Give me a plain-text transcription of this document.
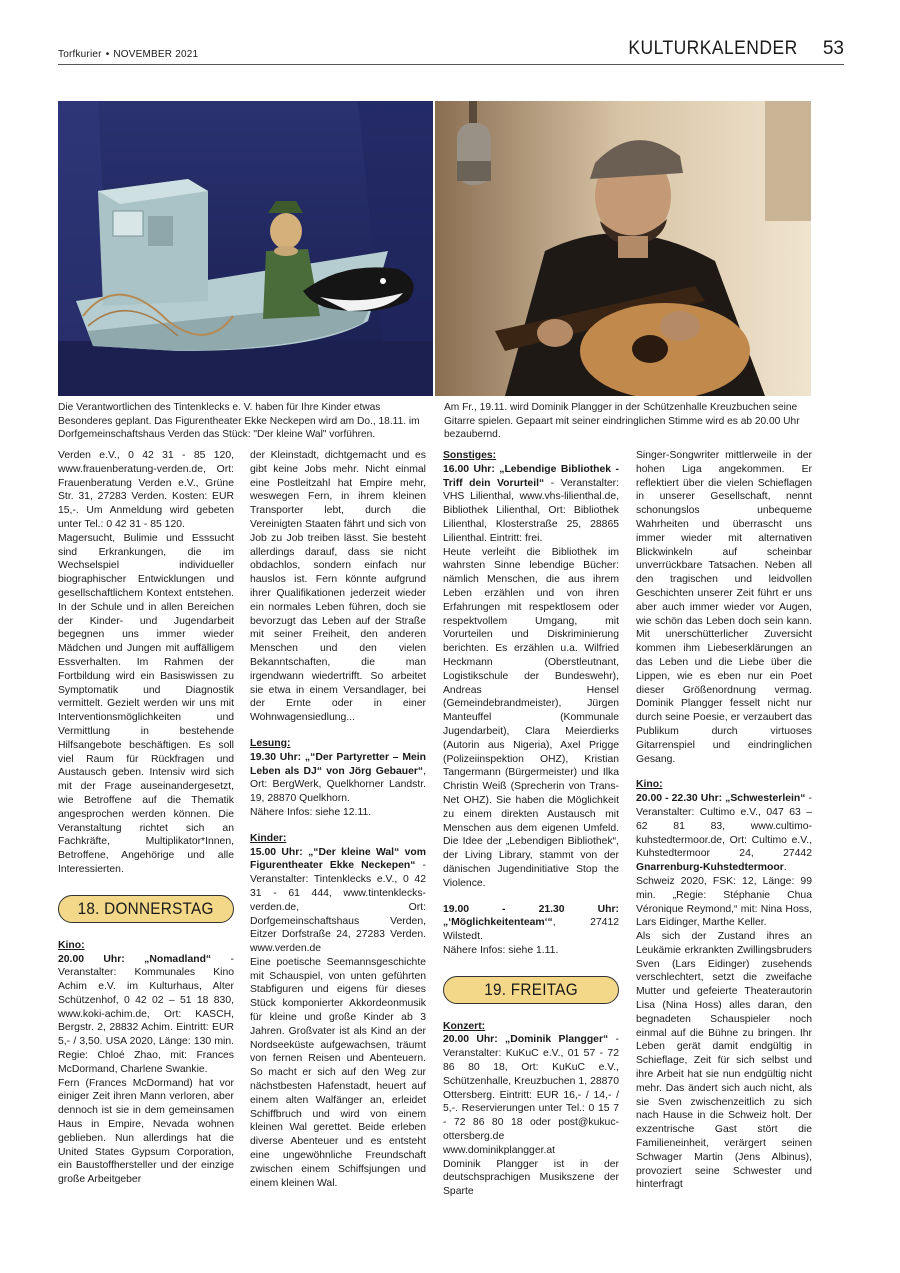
Torfkurier • NOVEMBER 2021	KULTURKALENDER 53
Die Verantwortlichen des Tintenklecks e. V. haben für Ihre Kinder etwas Besonderes geplant. Das Figurentheater Ekke Neckepen wird am Do., 18.11. im Dorfgemeinschaftshaus Verden das Stück: "Der kleine Wal" vorführen.
Am Fr., 19.11. wird Dominik Plangger in der Schützenhalle Kreuzbuchen seine Gitarre spielen. Gepaart mit seiner eindringlichen Stimme wird es ab 20.00 Uhr bezaubernd.

Verden e.V., 0 42 31 - 85 120, www.frauenberatung-verden.de, Ort: Frauenberatung Verden e.V., Grüne Str. 31, 27283 Verden. Kosten: EUR 15,-. Um Anmeldung wird gebeten unter Tel.: 0 42 31 - 85 120.

Magersucht, Bulimie und Esssucht sind Erkrankungen, die im Wechselspiel individueller biographischer Entwicklungen und gesellschaftlichem Kontext entstehen. In der Schule und in allen Bereichen der Kinder- und Jugendarbeit begegnen uns immer wieder Mädchen und Jungen mit auffälligem Essverhalten. Im Rahmen der Fortbildung wird ein Basiswissen zu Symptomatik und Diagnostik vermittelt. Gezielt werden wir uns mit Interventionsmöglichkeiten und Vermittlung in bestehende Hilfsangebote beschäftigen. Es soll viel Raum für Rückfragen und Austausch geben. Intensiv wird sich mit der Frage auseinandergesetzt, wie Betroffene auf die Thematik angesprochen werden können. Die Veranstaltung richtet sich an Fachkräfte, Multiplikator*Innen, Betroffene, Angehörige und alle Interessierten.

18. DONNERSTAG

Kino:

20.00 Uhr: „Nomadland“ - Veranstalter: Kommunales Kino Achim e.V. im Kulturhaus, Alter Schützenhof, 0 42 02 – 51 18 830, www.koki-achim.de, Ort: KASCH, Bergstr. 2, 28832 Achim. Eintritt: EUR 5,- / 3,50. USA 2020, Länge: 130 min. Regie: Chloé Zhao, mit: Frances McDormand, Charlene Swankie.

Fern (Frances McDormand) hat vor einiger Zeit ihren Mann verloren, aber dennoch ist sie in dem gemeinsamen Haus in Empire, Nevada wohnen geblieben. Nun allerdings hat die United States Gypsum Corporation, ein Baustoffhersteller und der einzige große Arbeitgeber

der Kleinstadt, dichtgemacht und es gibt keine Jobs mehr. Nicht einmal eine Postleitzahl hat Empire mehr, weswegen Fern, in ihrem kleinen Transporter lebt, durch die Vereinigten Staaten fährt und sich von Job zu Job treiben lässt. Sie besteht allerdings darauf, dass sie nicht obdachlos, sondern einfach nur hauslos ist. Fern könnte aufgrund ihrer Qualifikationen jederzeit wieder ein normales Leben führen, doch sie bevorzugt das Leben auf der Straße mit seiner Freiheit, den anderen Menschen und den vielen Bekanntschaften, die man irgendwann wiedertrifft. So arbeitet sie etwa in einem Versandlager, bei der Ernte oder in einer Wohnwagensiedlung...

Lesung:

19.30 Uhr: „“Der Partyretter – Mein Leben als DJ“ von Jörg Gebauer“, Ort: BergWerk, Quelkhorner Landstr. 19, 28870 Quelkhorn.

Nähere Infos: siehe 12.11.

Kinder:

15.00 Uhr: „“Der kleine Wal“ vom Figurentheater Ekke Neckepen“ - Veranstalter: Tintenklecks e.V., 0 42 31 - 61 444, www.tintenklecks-verden.de, Ort: Dorfgemeinschaftshaus Verden, Eitzer Dorfstraße 24, 27283 Verden. www.verden.de

Eine poetische Seemannsgeschichte mit Schauspiel, von unten geführten Stabfiguren und eigens für dieses Stück komponierter Akkordeonmusik für kleine und große Kinder ab 3 Jahren. Großvater ist als Kind an der Nordseeküste aufgewachsen, träumt von fernen Reisen und Abenteuern. So macht er sich auf den Weg zur nächstbesten Hafenstadt, heuert auf einem alten Walfänger an, erleidet Schiffbruch und wird von einem kleinen Wal gerettet. Beide erleben diverse Abenteuer und es entsteht eine ungewöhnliche Freundschaft zwischen einem Schiffsjungen und einem kleinen Wal.

Sonstiges:

16.00 Uhr: „Lebendige Bibliothek - Triff dein Vorurteil“ - Veranstalter: VHS Lilienthal, www.vhs-lilienthal.de, Bibliothek Lilienthal, Ort: Bibliothek Lilienthal, Klosterstraße 25, 28865 Lilienthal. Eintritt: frei.

Heute verleiht die Bibliothek im wahrsten Sinne lebendige Bücher: nämlich Menschen, die aus ihrem Leben erzählen und von ihren Erfahrungen mit respektlosem oder respektvollem Umgang, mit Vorurteilen und Diskriminierung berichten. Es erzählen u.a. Wilfried Heckmann (Oberstleutnant, Logistikschule der Bundeswehr), Andreas Hensel (Gemeindebrandmeister), Jürgen Manteuffel (Kommunale Jugendarbeit), Clara Meierdierks (Autorin aus Nigeria), Axel Prigge (Polizeiinspektion OHZ), Kristian Tangermann (Bürgermeister) und Ilka Christin Weiß (Sprecherin von Trans-Net OHZ). Sie haben die Möglichkeit zu einem direkten Austausch mit Menschen aus dem eigenen Umfeld. Die Idee der „Lebendigen Bibliothek“, der Living Library, stammt von der dänischen Jugendinitiative Stop the Violence.

19.00 - 21.30 Uhr: „‘Möglichkeitenteam‘“, 27412 Wilstedt.

Nähere Infos: siehe 1.11.

19. FREITAG

Konzert:

20.00 Uhr: „Dominik Plangger“ - Veranstalter: KuKuC e.V., 01 57 - 72 86 80 18, Ort: KuKuC e.V., Schützenhalle, Kreuzbuchen 1, 28870 Ottersberg. Eintritt: EUR 16,- / 14,- / 5,-. Reservierungen unter Tel.: 0 15 7 - 72 86 80 18 oder post@kukuc-ottersberg.de www.dominikplangger.at

Dominik Plangger ist in der deutschsprachigen Musikszene der Sparte

Singer-Songwriter mittlerweile in der hohen Liga angekommen. Er reflektiert über die vielen Schieflagen in unserer Gesellschaft, nennt schonungslos unbequeme Wahrheiten und überrascht uns immer wieder mit alternativen Blickwinkeln auf scheinbar unverrückbare Tatsachen. Neben all den tragischen und leidvollen Geschichten unserer Zeit führt er uns aber auch immer wieder vor Augen, wie schön das Leben doch sein kann. Mit unerschütterlicher Zuversicht kommen ihm Liebeserklärungen an das Leben und die Liebe über die Lippen, wie es eben nur ein Poet dieser Größenordnung vermag. Dominik Plangger fesselt nicht nur durch seine Poesie, er verzaubert das Publikum durch virtuoses Gitarrenspiel und eindringlichen Gesang.

Kino:

20.00 - 22.30 Uhr: „Schwesterlein“ - Veranstalter: Cultimo e.V., 047 63 – 62 81 83, www.cultimo-kuhstedtermoor.de, Ort: Cultimo e.V., Kuhstedtermoor 24, 27442 Gnarrenburg-Kuhstedtermoor. Schweiz 2020, FSK: 12, Länge: 99 min. „Regie: Stéphanie Chua Véronique Reymond,“ mit: Nina Hoss, Lars Eidinger, Marthe Keller.

Als sich der Zustand ihres an Leukämie erkrankten Zwillingsbruders Sven (Lars Eidinger) zusehends verschlechtert, setzt die zweifache Mutter und gefeierte Theaterautorin Lisa (Nina Hoss) alles daran, den begnadeten Schauspieler noch einmal auf die Bühne zu bringen. Ihr Leben gerät damit endgültig in Schieflage, Zeit für sich selbst und ihre Arbeit hat sie nun endgültig nicht mehr. Das ändert sich auch nicht, als sie Sven zwischenzeitlich zu sich nach Hause in die Schweiz holt. Der exzentrische Gast stört die Familieneinheit, verärgert seinen Schwager Martin (Jens Albinus), provoziert seine Schwester und hinterfragt
